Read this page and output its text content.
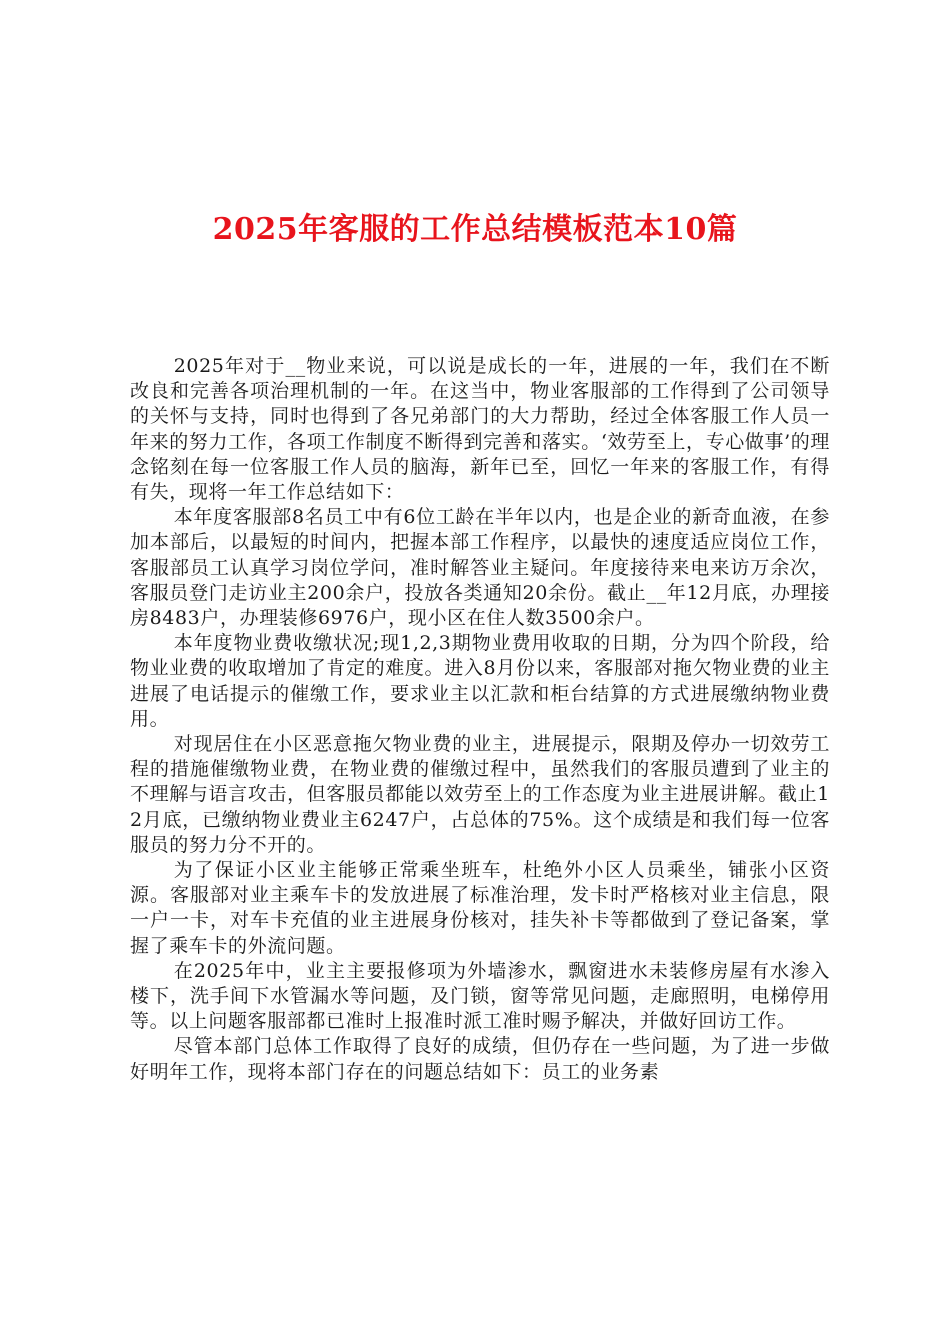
2025年客服的工作总结模板范本10篇

2025年对于__物业来说，可以说是成长的一年，进展的一年，我们在不断改良和完善各项治理机制的一年。在这当中，物业客服部的工作得到了公司领导的关怀与支持，同时也得到了各兄弟部门的大力帮助，经过全体客服工作人员一年来的努力工作，各项工作制度不断得到完善和落实。‘效劳至上，专心做事’的理念铭刻在每一位客服工作人员的脑海，新年已至，回忆一年来的客服工作，有得有失，现将一年工作总结如下：

本年度客服部8名员工中有6位工龄在半年以内，也是企业的新奇血液，在参加本部后，以最短的时间内，把握本部工作程序，以最快的速度适应岗位工作，客服部员工认真学习岗位学问，准时解答业主疑问。年度接待来电来访万余次，客服员登门走访业主200余户，投放各类通知20余份。截止__年12月底，办理接房8483户，办理装修6976户，现小区在住人数3500余户。

本年度物业费收缴状况;现1,2,3期物业费用收取的日期，分为四个阶段，给物业业费的收取增加了肯定的难度。进入8月份以来，客服部对拖欠物业费的业主进展了电话提示的催缴工作，要求业主以汇款和柜台结算的方式进展缴纳物业费用。

对现居住在小区恶意拖欠物业费的业主，进展提示，限期及停办一切效劳工程的措施催缴物业费，在物业费的催缴过程中，虽然我们的客服员遭到了业主的不理解与语言攻击，但客服员都能以效劳至上的工作态度为业主进展讲解。截止12月底，已缴纳物业费业主6247户，占总体的75%。这个成绩是和我们每一位客服员的努力分不开的。

为了保证小区业主能够正常乘坐班车，杜绝外小区人员乘坐，铺张小区资源。客服部对业主乘车卡的发放进展了标准治理，发卡时严格核对业主信息，限一户一卡，对车卡充值的业主进展身份核对，挂失补卡等都做到了登记备案，掌握了乘车卡的外流问题。

在2025年中，业主主要报修项为外墙渗水，飘窗进水未装修房屋有水渗入楼下，洗手间下水管漏水等问题，及门锁，窗等常见问题，走廊照明，电梯停用等。以上问题客服部都已准时上报准时派工准时赐予解决，并做好回访工作。

尽管本部门总体工作取得了良好的成绩，但仍存在一些问题，为了进一步做好明年工作，现将本部门存在的问题总结如下：员工的业务素
